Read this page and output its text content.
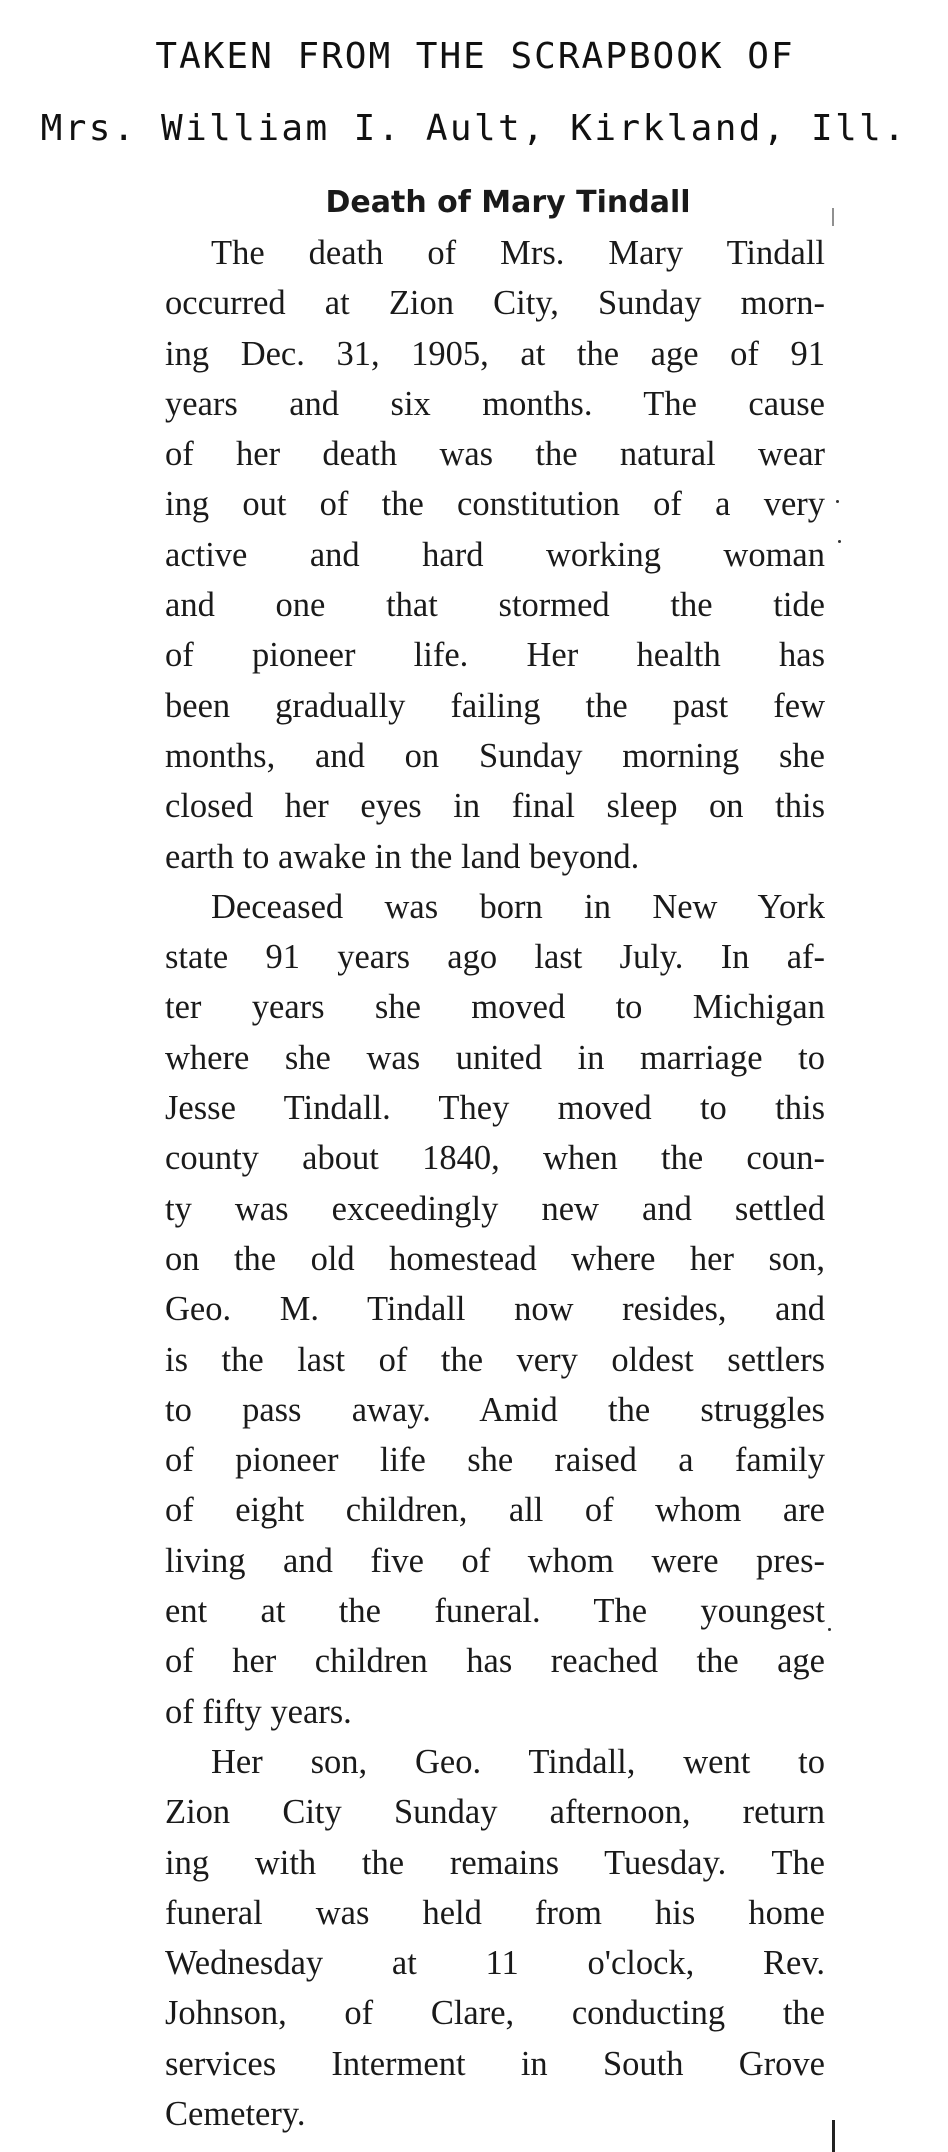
TAKEN FROM THE SCRAPBOOK OF
Mrs. William I. Ault, Kirkland, Ill.
Death of Mary Tindall
The death of Mrs. Mary Tindall
occurred at Zion City, Sunday morn-
ing Dec. 31, 1905, at the age of 91
years and six months. The cause
of her death was the natural wear
ing out of the constitution of a very
active and hard working woman
and one that stormed the tide
of pioneer life. Her health has
been gradually failing the past few
months, and on Sunday morning she
closed her eyes in final sleep on this
earth to awake in the land beyond.
Deceased was born in New York
state 91 years ago last July. In af-
ter years she moved to Michigan
where she was united in marriage to
Jesse Tindall. They moved to this
county about 1840, when the coun-
ty was exceedingly new and settled
on the old homestead where her son,
Geo. M. Tindall now resides, and
is the last of the very oldest settlers
to pass away. Amid the struggles
of pioneer life she raised a family
of eight children, all of whom are
living and five of whom were pres-
ent at the funeral. The youngest
of her children has reached the age
of fifty years.
Her son, Geo. Tindall, went to
Zion City Sunday afternoon, return
ing with the remains Tuesday. The
funeral was held from his home
Wednesday at 11 o'clock, Rev.
Johnson, of Clare, conducting the
services Interment in South Grove
Cemetery.
